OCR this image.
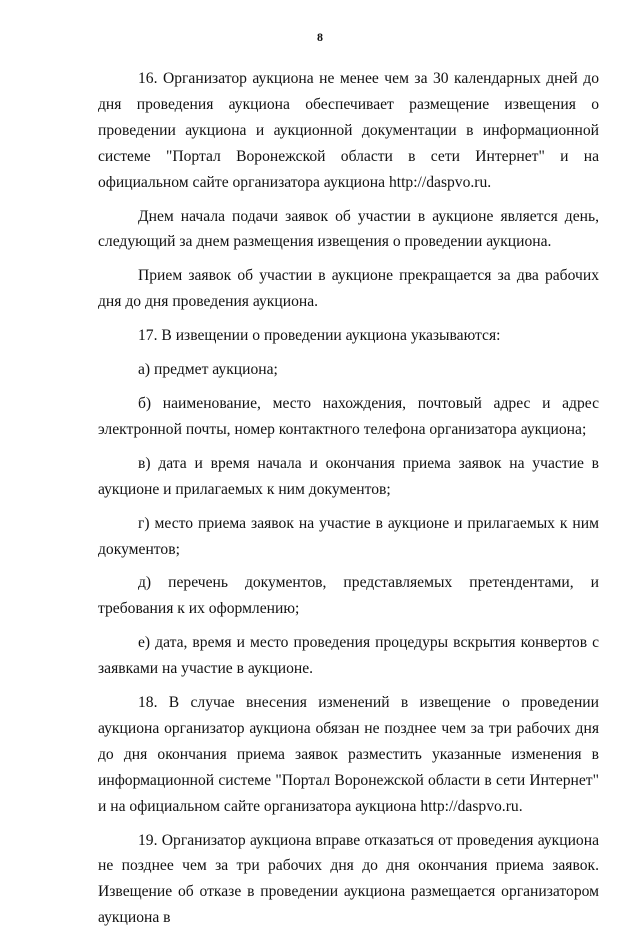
8

16. Организатор аукциона не менее чем за 30 календарных дней до дня проведения аукциона обеспечивает размещение извещения о проведении аукциона и аукционной документации в информационной системе "Портал Воронежской области в сети Интернет" и на официальном сайте организатора аукциона http://daspvo.ru.

Днем начала подачи заявок об участии в аукционе является день, следующий за днем размещения извещения о проведении аукциона.

Прием заявок об участии в аукционе прекращается за два рабочих дня до дня проведения аукциона.

17. В извещении о проведении аукциона указываются:

а) предмет аукциона;

б) наименование, место нахождения, почтовый адрес и адрес электронной почты, номер контактного телефона организатора аукциона;

в) дата и время начала и окончания приема заявок на участие в аукционе и прилагаемых к ним документов;

г) место приема заявок на участие в аукционе и прилагаемых к ним документов;

д) перечень документов, представляемых претендентами, и требования к их оформлению;

е) дата, время и место проведения процедуры вскрытия конвертов с заявками на участие в аукционе.

18. В случае внесения изменений в извещение о проведении аукциона организатор аукциона обязан не позднее чем за три рабочих дня до дня окончания приема заявок разместить указанные изменения в информационной системе "Портал Воронежской области в сети Интернет" и на официальном сайте организатора аукциона http://daspvo.ru.

19. Организатор аукциона вправе отказаться от проведения аукциона не позднее чем за три рабочих дня до дня окончания приема заявок. Извещение об отказе в проведении аукциона размещается организатором аукциона в
